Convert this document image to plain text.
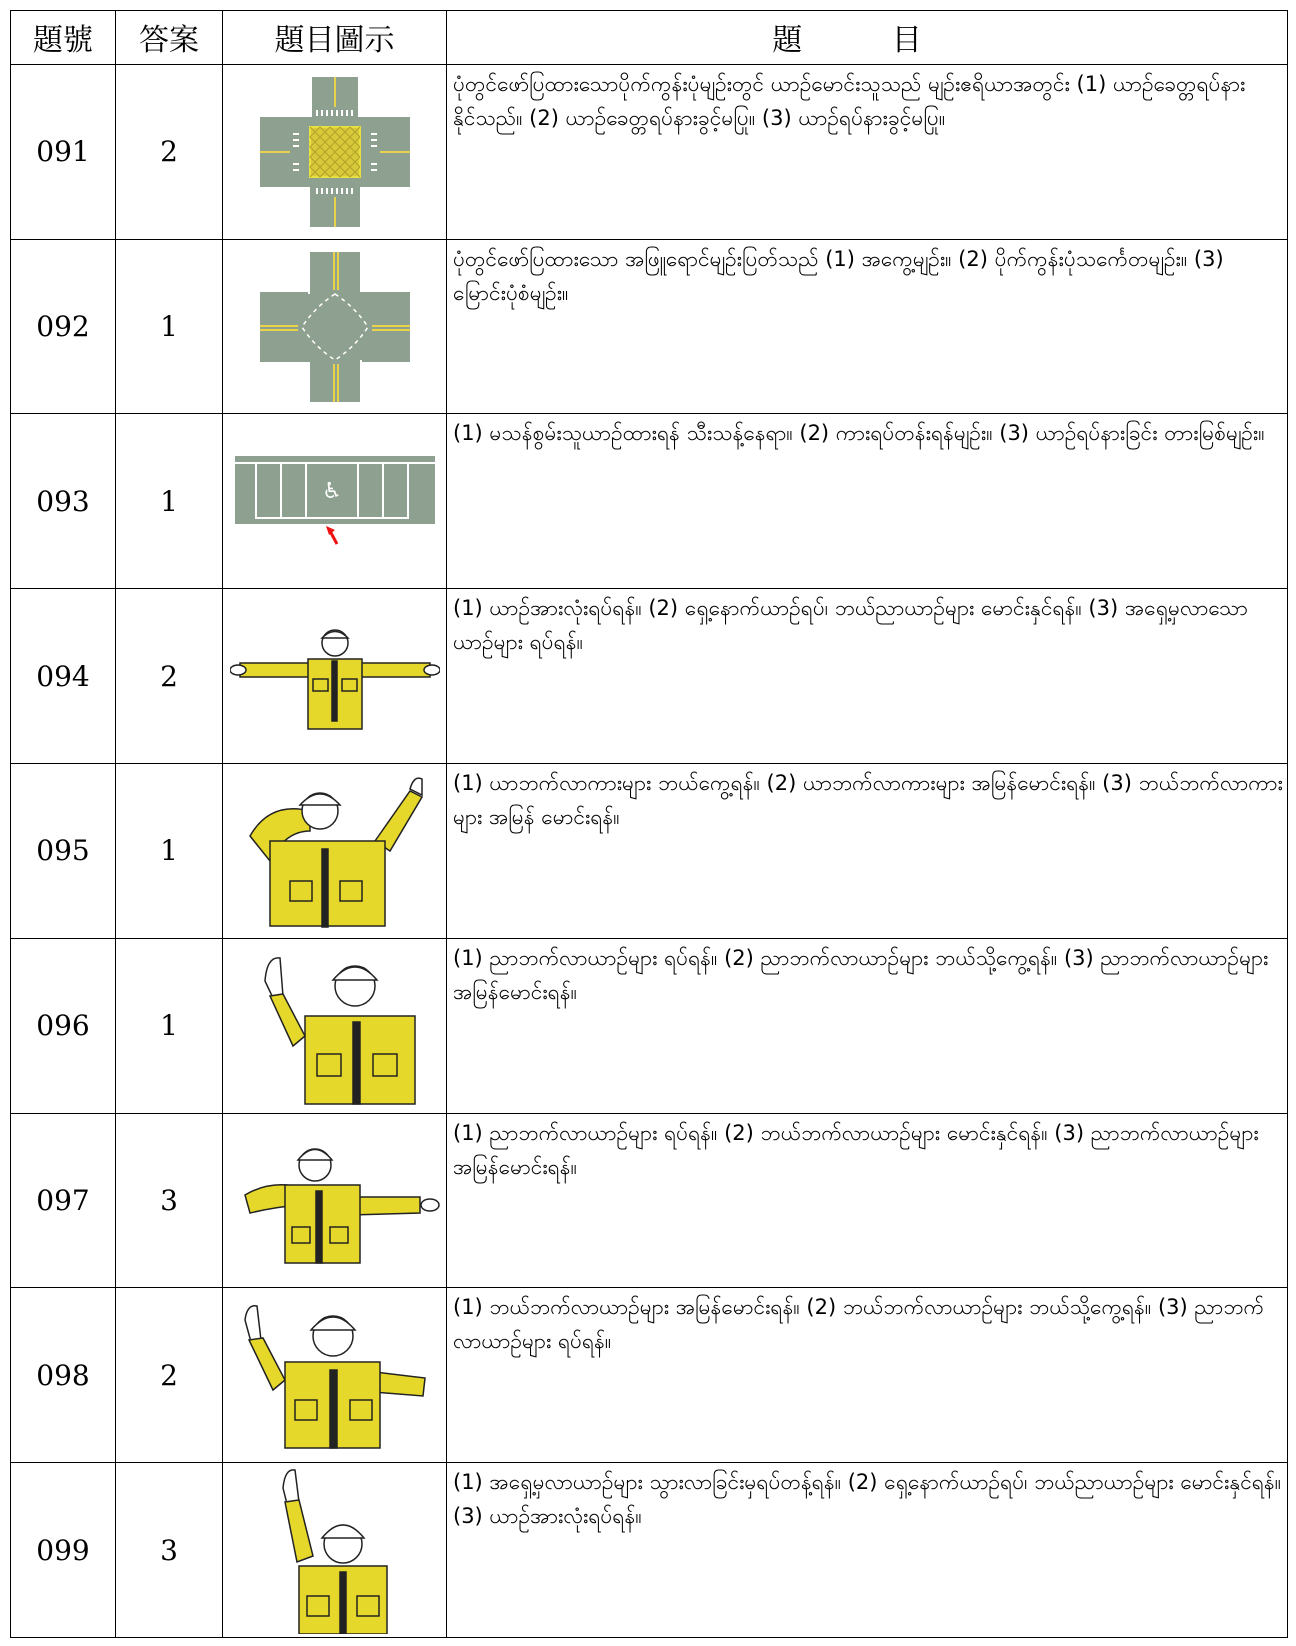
題號	答案	題目圖示	題 目
091	2		ပုံတွင်ဖော်ပြထားသောပိုက်ကွန်းပုံမျဉ်းတွင် ယာဉ်မောင်းသူသည် မျဉ်းဧရိယာအတွင်း (1) ယာဉ်ခေတ္တရပ်နားနိုင်သည်။ (2) ယာဉ်ခေတ္တရပ်နားခွင့်မပြု။ (3) ယာဉ်ရပ်နားခွင့်မပြု။
092	1		ပုံတွင်ဖော်ပြထားသော အဖြူရောင်မျဉ်းပြတ်သည် (1) အကွေ့မျဉ်း။ (2) ပိုက်ကွန်းပုံသင်္ကေတမျဉ်း။ (3) မြောင်းပုံစံမျဉ်း။
093	1	♿	(1) မသန်စွမ်းသူယာဉ်ထားရန် သီးသန့်နေရာ။ (2) ကားရပ်တန်းရန်မျဉ်း။ (3) ယာဉ်ရပ်နားခြင်း တားမြစ်မျဉ်း။
094	2		(1) ယာဉ်အားလုံးရပ်ရန်။ (2) ရှေ့နောက်ယာဉ်ရပ်၊ ဘယ်ညာယာဉ်များ မောင်းနှင်ရန်။ (3) အရှေ့မှလာသောယာဉ်များ ရပ်ရန်။
095	1		(1) ယာဘက်လာကားများ ဘယ်ကွေ့ရန်။ (2) ယာဘက်လာကားများ အမြန်မောင်းရန်။ (3) ဘယ်ဘက်လာကားများ အမြန် မောင်းရန်။
096	1		(1) ညာဘက်လာယာဉ်များ ရပ်ရန်။ (2) ညာဘက်လာယာဉ်များ ဘယ်သို့ကွေ့ရန်။ (3) ညာဘက်လာယာဉ်များ အမြန်မောင်းရန်။
097	3		(1) ညာဘက်လာယာဉ်များ ရပ်ရန်။ (2) ဘယ်ဘက်လာယာဉ်များ မောင်းနှင်ရန်။ (3) ညာဘက်လာယာဉ်များ အမြန်မောင်းရန်။
098	2		(1) ဘယ်ဘက်လာယာဉ်များ အမြန်မောင်းရန်။ (2) ဘယ်ဘက်လာယာဉ်များ ဘယ်သို့ကွေ့ရန်။ (3) ညာဘက်လာယာဉ်များ ရပ်ရန်။
099	3		(1) အရှေ့မှလာယာဉ်များ သွားလာခြင်းမှရပ်တန့်ရန်။ (2) ရှေ့နောက်ယာဉ်ရပ်၊ ဘယ်ညာယာဉ်များ မောင်းနှင်ရန်။ (3) ယာဉ်အားလုံးရပ်ရန်။
